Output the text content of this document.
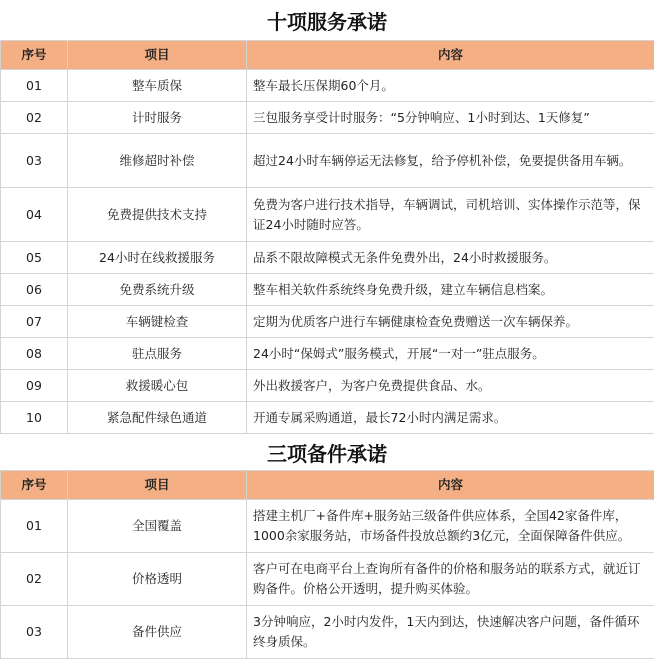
十项服务承诺
序号	项目	内容
01	整车质保	整车最长压保期60个月。
02	计时服务	三包服务享受计时服务：“5分钟响应、1小时到达、1天修复”
03	维修超时补偿	超过24小时车辆停运无法修复，给予停机补偿，免要提供备用车辆。
04	免费提供技术支持	免费为客户进行技术指导，车辆调试，司机培训、实体操作示范等，保证24小时随时应答。
05	24小时在线救援服务	品系不限故障模式无条件免费外出，24小时救援服务。
06	免费系统升级	整车相关软件系统终身免费升级，建立车辆信息档案。
07	车辆键检查	定期为优质客户进行车辆健康检查免费赠送一次车辆保养。
08	驻点服务	24小时“保姆式”服务模式，开展“一对一”驻点服务。
09	救援暖心包	外出救援客户，为客户免费提供食品、水。
10	紧急配件绿色通道	开通专属采购通道，最长72小时内满足需求。
三项备件承诺
序号	项目	内容
01	全国覆盖	搭建主机厂+备件库+服务站三级备件供应体系，全国42家备件库，1000余家服务站，市场备件投放总额约3亿元，全面保障备件供应。
02	价格透明	客户可在电商平台上查询所有备件的价格和服务站的联系方式，就近订购备件。价格公开透明，提升购买体验。
03	备件供应	3分钟响应，2小时内发件，1天内到达，快速解决客户问题，备件循环终身质保。
